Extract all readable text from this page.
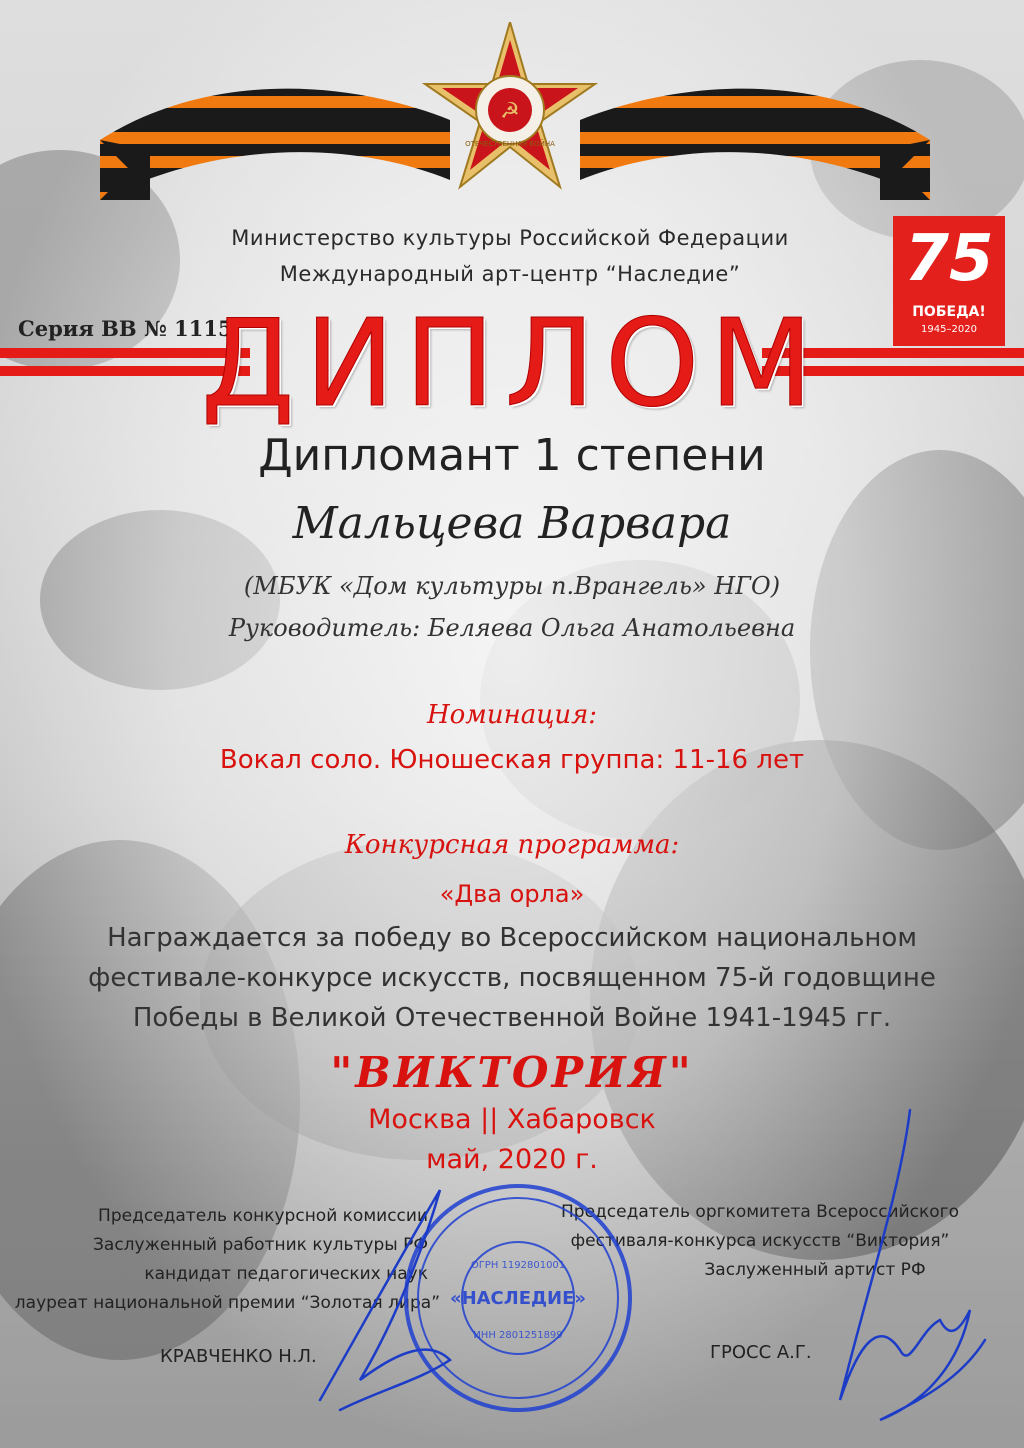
☭
ОТЕЧЕСТВЕННАЯ ВОЙНА
75
ПОБЕДА!
1945–2020
Министерство культуры Российской Федерации
Международный арт-центр “Наследие”
Серия ВВ № 1115
ДИПЛОМ
Дипломант 1 степени
Мальцева Варвара
(МБУК «Дом культуры п.Врангель» НГО)
Руководитель: Беляева Ольга Анатольевна
Номинация:
Вокал соло. Юношеская группа: 11-16 лет
Конкурсная программа:
«Два орла»
Награждается за победу во Всероссийском национальном
фестивале-конкурсе искусств, посвященном 75-й годовщине
Победы в Великой Отечественной Войне 1941-1945 гг.
"ВИКТОРИЯ"
Москва || Хабаровск
май, 2020 г.
Председатель конкурсной комиссии
Заслуженный работник культуры РФ
кандидат педагогических наук
лауреат национальной премии “Золотая лира”
Председатель оргкомитета Всероссийского
фестиваля-конкурса искусств “Виктория”
Заслуженный артист РФ
КРАВЧЕНКО Н.Л.	ГРОСС А.Г.
«НАСЛЕДИЕ»
ОГРН 1192801001
ИНН 2801251899
